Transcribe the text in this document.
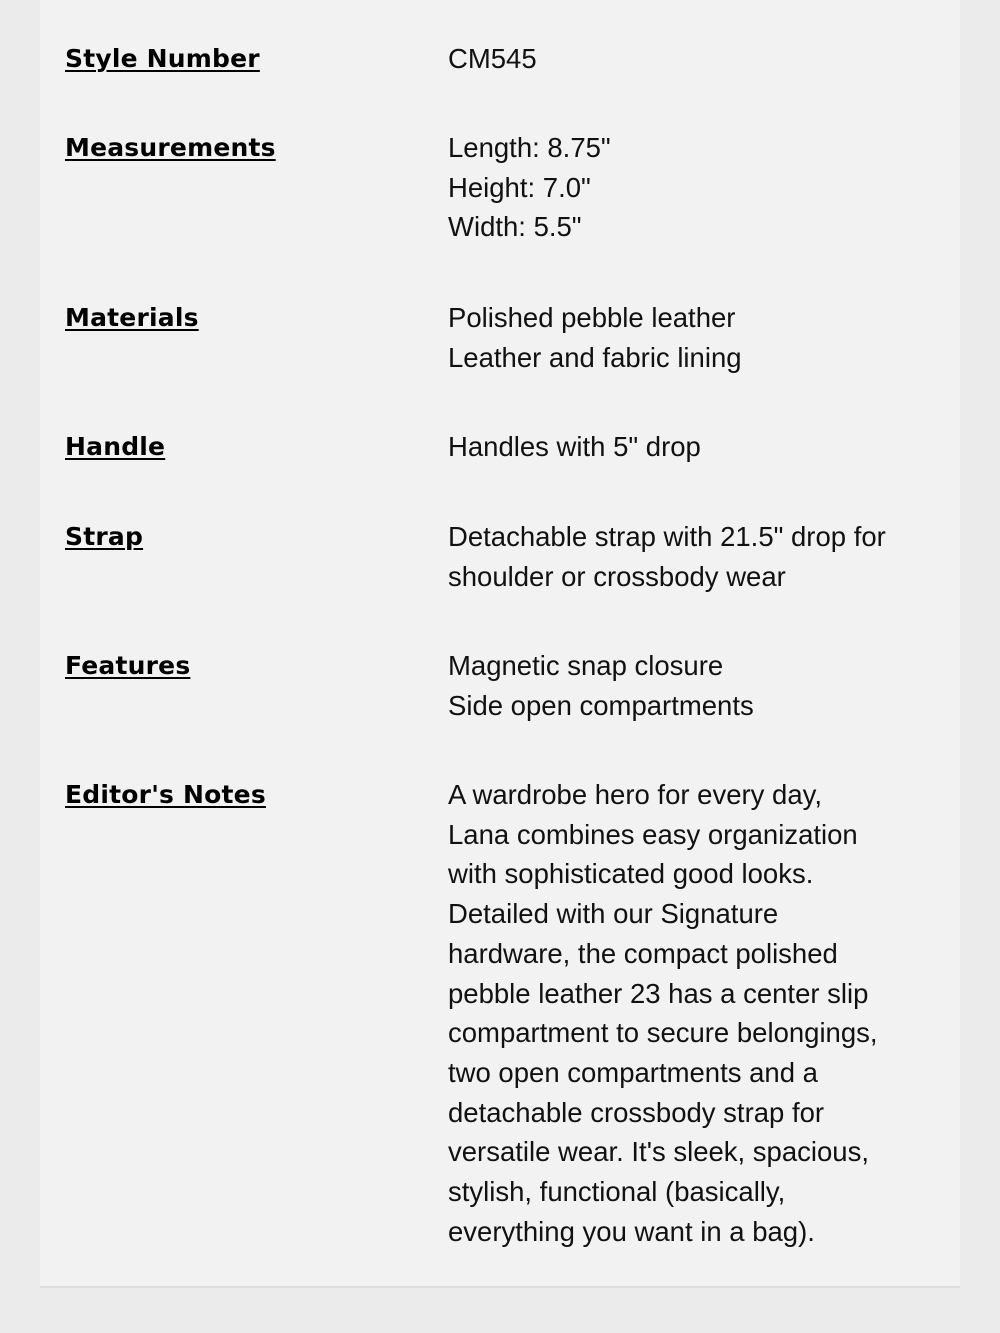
Style Number	CM545
Measurements	Length: 8.75"
Height: 7.0"
Width: 5.5"
Materials	Polished pebble leather
Leather and fabric lining
Handle	Handles with 5" drop
Strap	Detachable strap with 21.5" drop for
shoulder or crossbody wear
Features	Magnetic snap closure
Side open compartments
Editor's Notes	A wardrobe hero for every day,
Lana combines easy organization
with sophisticated good looks.
Detailed with our Signature
hardware, the compact polished
pebble leather 23 has a center slip
compartment to secure belongings,
two open compartments and a
detachable crossbody strap for
versatile wear. It's sleek, spacious,
stylish, functional (basically,
everything you want in a bag).
